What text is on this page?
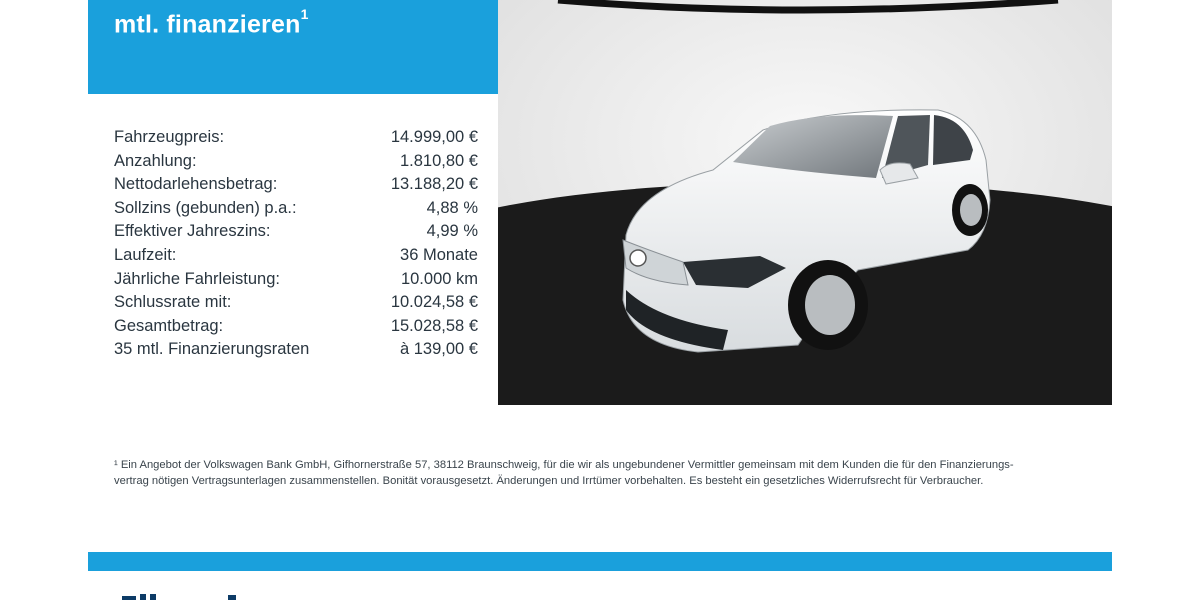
mtl. finanzieren$^1$
Fahrzeugpreis:	14.999,00 €
Anzahlung:	1.810,80 €
Nettodarlehensbetrag:	13.188,20 €
Sollzins (gebunden) p.a.:	4,88 %
Effektiver Jahreszins:	4,99 %
Laufzeit:	36 Monate
Jährliche Fahrleistung:	10.000 km
Schlussrate mit:	10.024,58 €
Gesamtbetrag:	15.028,58 €
35 mtl. Finanzierungsraten	à 139,00 €
¹ Ein Angebot der Volkswagen Bank GmbH, Gifhornerstraße 57, 38112 Braunschweig, für die wir als ungebundener Vermittler gemeinsam mit dem Kunden die für den Finanzierungs-
vertrag nötigen Vertragsunterlagen zusammenstellen. Bonität vorausgesetzt. Änderungen und Irrtümer vorbehalten. Es besteht ein gesetzliches Widerrufsrecht für Verbraucher.
